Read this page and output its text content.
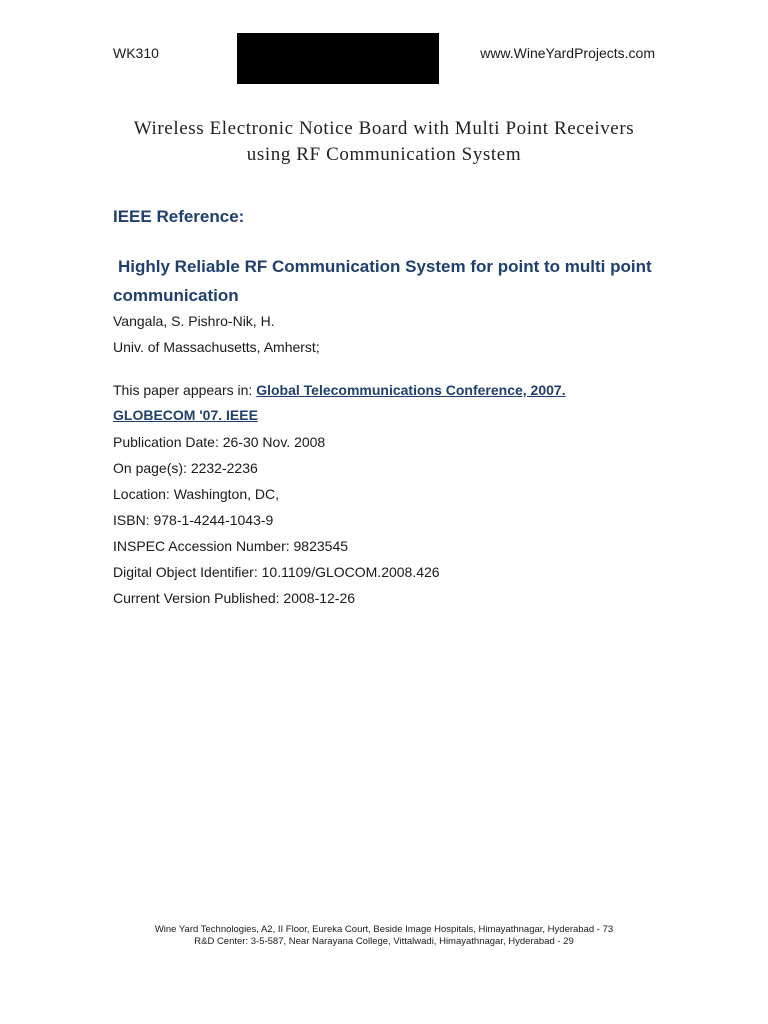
WK310	www.WineYardProjects.com
Wireless Electronic Notice Board with Multi Point Receivers
using RF Communication System
IEEE Reference:
Highly Reliable RF Communication System for point to multi point
communication
Vangala, S. Pishro-Nik, H.
Univ. of Massachusetts, Amherst;
This paper appears in: Global Telecommunications Conference, 2007.
GLOBECOM '07. IEEE
Publication Date: 26-30 Nov. 2008
On page(s): 2232-2236
Location: Washington, DC,
ISBN: 978-1-4244-1043-9
INSPEC Accession Number: 9823545
Digital Object Identifier: 10.1109/GLOCOM.2008.426
Current Version Published: 2008-12-26
Wine Yard Technologies, A2, II Floor, Eureka Court, Beside Image Hospitals, Himayathnagar, Hyderabad - 73
R&D Center: 3-5-587, Near Narayana College, Vittalwadi, Himayathnagar, Hyderabad - 29
